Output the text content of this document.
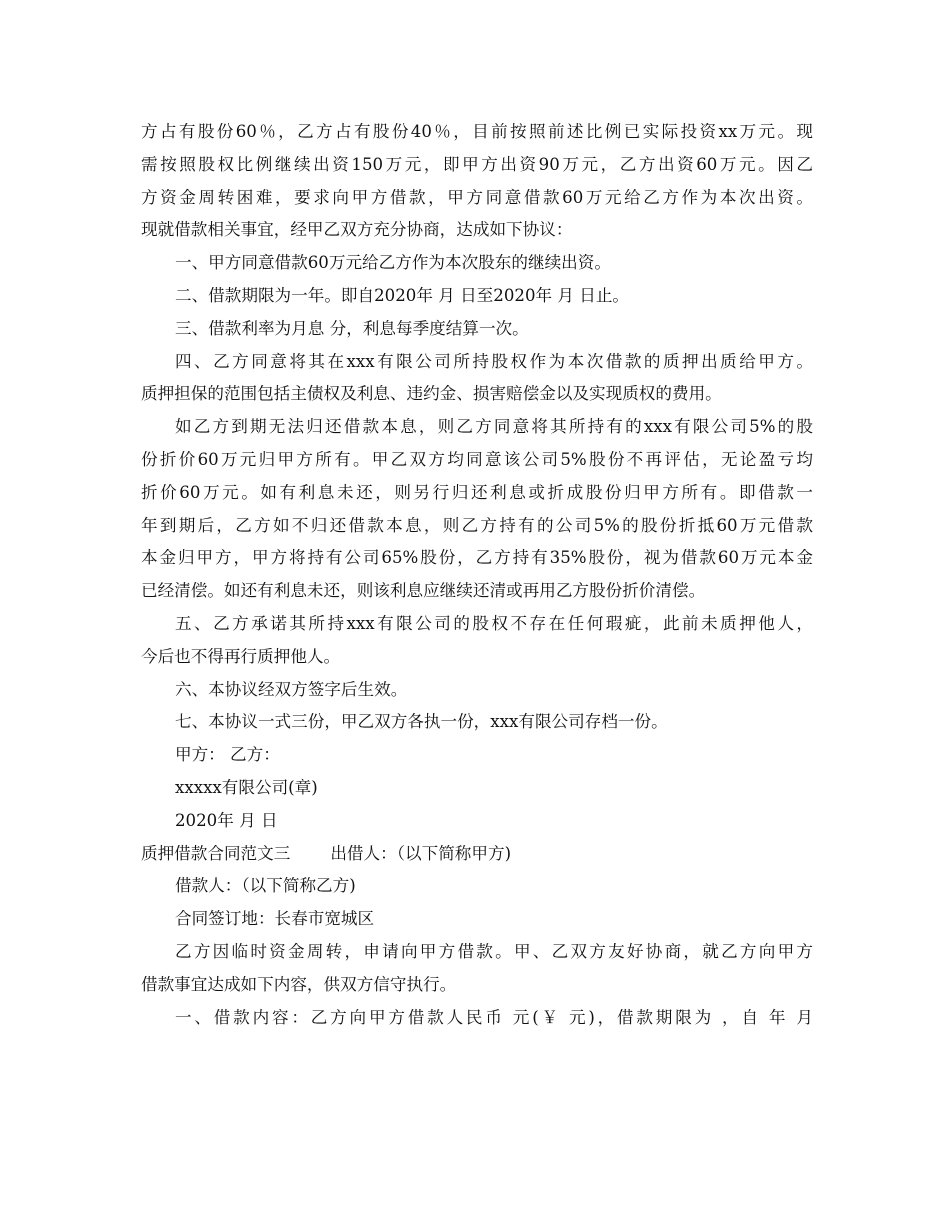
方占有股份60％，乙方占有股份40％，目前按照前述比例已实际投资xx万元。现
需按照股权比例继续出资150万元，即甲方出资90万元，乙方出资60万元。因乙
方资金周转困难，要求向甲方借款，甲方同意借款60万元给乙方作为本次出资。
现就借款相关事宜，经甲乙双方充分协商，达成如下协议：
一、甲方同意借款60万元给乙方作为本次股东的继续出资。
二、借款期限为一年。即自2020年 月 日至2020年 月 日止。
三、借款利率为月息 分，利息每季度结算一次。
四、乙方同意将其在xxx有限公司所持股权作为本次借款的质押出质给甲方。
质押担保的范围包括主债权及利息、违约金、损害赔偿金以及实现质权的费用。
如乙方到期无法归还借款本息，则乙方同意将其所持有的xxx有限公司5%的股
份折价60万元归甲方所有。甲乙双方均同意该公司5%股份不再评估，无论盈亏均
折价60万元。如有利息未还，则另行归还利息或折成股份归甲方所有。即借款一
年到期后，乙方如不归还借款本息，则乙方持有的公司5%的股份折抵60万元借款
本金归甲方，甲方将持有公司65%股份，乙方持有35%股份，视为借款60万元本金
已经清偿。如还有利息未还，则该利息应继续还清或再用乙方股份折价清偿。
五、乙方承诺其所持xxx有限公司的股权不存在任何瑕疵，此前未质押他人，
今后也不得再行质押他人。
六、本协议经双方签字后生效。
七、本协议一式三份，甲乙双方各执一份，xxx有限公司存档一份。
甲方： 乙方：
xxxxx有限公司(章)
2020年 月 日
质押借款合同范文三 出借人：（以下简称甲方)
借款人：（以下简称乙方)
合同签订地：长春市宽城区
乙方因临时资金周转，申请向甲方借款。甲、乙双方友好协商，就乙方向甲方
借款事宜达成如下内容，供双方信守执行。
一、借款内容：乙方向甲方借款人民币 元(￥ 元)，借款期限为 ，自 年 月
